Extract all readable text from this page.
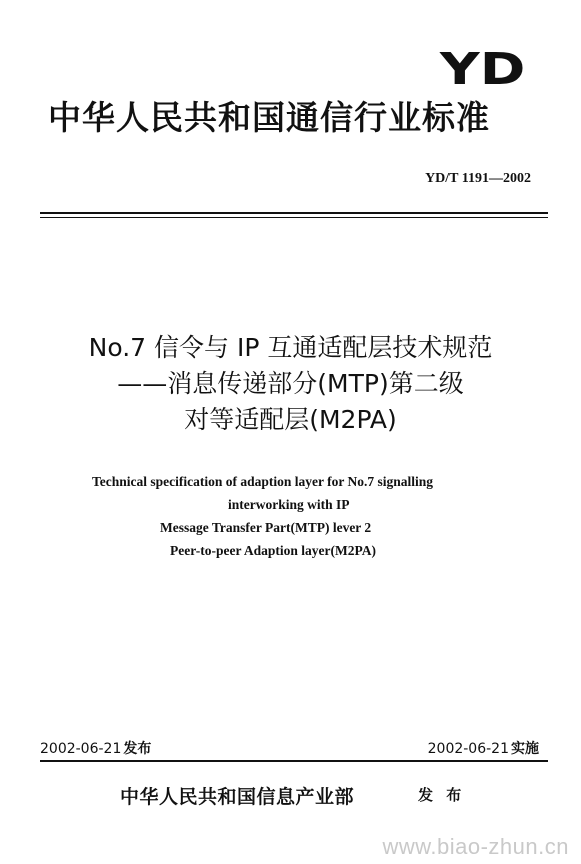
YD
中华人民共和国通信行业标准
YD/T 1191—2002
No.7 信令与 IP 互通适配层技术规范
——消息传递部分(MTP)第二级
对等适配层(M2PA)
Technical specification of adaption layer for No.7 signalling
interworking with IP
Message Transfer Part(MTP) lever 2
Peer-to-peer Adaption layer(M2PA)
2002-06-21 发布	2002-06-21 实施
中华人民共和国信息产业部	发 布
www.biao-zhun.cn
